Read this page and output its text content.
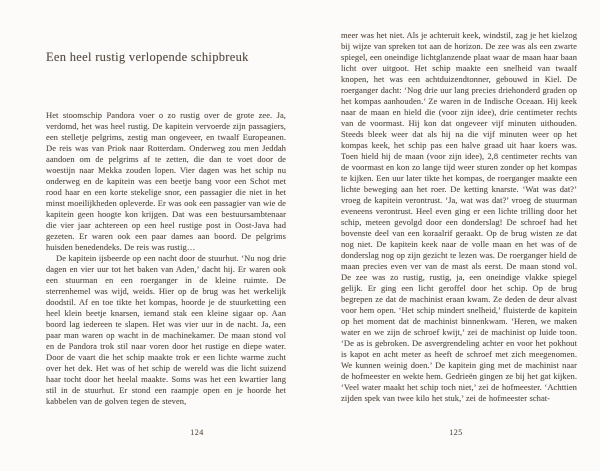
Een heel rustig verlopende schipbreuk

Het stoomschip Pandora voer o zo rustig over de grote zee. Ja, verdomd, het was heel rustig. De kapitein vervoerde zijn passagiers, een stelletje pelgrims, zestig man ongeveer, en twaalf Europeanen. De reis was van Priok naar Rotterdam. Onderweg zou men Jeddah aandoen om de pelgrims af te zetten, die dan te voet door de woestijn naar Mekka zouden lopen. Vier dagen was het schip nu onderweg en de kapitein was een beetje bang voor een Schot met rood haar en een korte stekelige snor, een passagier die niet in het minst moeilijkheden opleverde. Er was ook een passagier van wie de kapitein geen hoogte kon krijgen. Dat was een bestuursambtenaar die vier jaar achtereen op een heel rustige post in Oost-Java had gezeten. Er waren ook een paar dames aan boord. De pelgrims huisden benedendeks. De reis was rustig…

De kapitein ijsbeerde op een nacht door de stuurhut. ‘Nu nog drie dagen en vier uur tot het baken van Aden,’ dacht hij. Er waren ook een stuurman en een roerganger in de kleine ruimte. De sterrenhemel was wijd, weids. Hier op de brug was het werkelijk doodstil. Af en toe tikte het kompas, hoorde je de stuurketting een heel klein beetje knarsen, iemand stak een kleine sigaar op. Aan boord lag iedereen te slapen. Het was vier uur in de nacht. Ja, een paar man waren op wacht in de machinekamer. De maan stond vol en de Pandora trok stil naar voren door het rustige en diepe water. Door de vaart die het schip maakte trok er een lichte warme zucht over het dek. Het was of het schip de wereld was die licht suizend haar tocht door het heelal maakte. Soms was het een kwartier lang stil in de stuurhut. Er stond een raampje open en je hoorde het kabbelen van de golven tegen de steven,

124

meer was het niet. Als je achteruit keek, windstil, zag je het kielzog bij wijze van spreken tot aan de horizon. De zee was als een zwarte spiegel, een oneindige lichtglanzende plaat waar de maan haar baan licht over uitgoot. Het schip maakte een snelheid van twaalf knopen, het was een achtduizendtonner, gebouwd in Kiel. De roerganger dacht: ‘Nog drie uur lang precies driehonderd graden op het kompas aanhouden.’ Ze waren in de Indische Oceaan. Hij keek naar de maan en hield die (voor zijn idee), drie centimeter rechts van de voormast. Hij kon dat ongeveer vijf minuten uithouden. Steeds bleek weer dat als hij na die vijf minuten weer op het kompas keek, het schip pas een halve graad uit haar koers was. Toen hield hij de maan (voor zijn idee), 2,8 centimeter rechts van de voormast en kon zo lange tijd weer sturen zonder op het kompas te kijken. Een uur later tikte het kompas, de roerganger maakte een lichte beweging aan het roer. De ketting knarste. ‘Wat was dat?’ vroeg de kapitein verontrust. ‘Ja, wat was dat?’ vroeg de stuurman eveneens verontrust. Heel even ging er een lichte trilling door het schip, meteen gevolgd door een donderslag! De schroef had het bovenste deel van een koraalrif geraakt. Op de brug wisten ze dat nog niet. De kapitein keek naar de volle maan en het was of de donderslag nog op zijn gezicht te lezen was. De roerganger hield de maan precies even ver van de mast als eerst. De maan stond vol. De zee was zo rustig, rustig, ja, een oneindige vlakke spiegel gelijk. Er ging een licht geroffel door het schip. Op de brug begrepen ze dat de machinist eraan kwam. Ze deden de deur alvast voor hem open. ‘Het schip mindert snelheid,’ fluisterde de kapitein op het moment dat de machinist binnenkwam. ‘Heren, we maken water en we zijn de schroef kwijt,’ zei de machinist op luide toon. ‘De as is gebroken. De asvergrendeling achter en voor het pokhout is kapot en acht meter as heeft de schroef met zich meegenomen. We kunnen weinig doen.’ De kapitein ging met de machinist naar de hofmeester en wekte hem. Gedrieën gingen ze bij het gat kijken. ‘Veel water maakt het schip toch niet,’ zei de hofmeester. ‘Achttien zijden spek van twee kilo het stuk,’ zei de hofmeester schat-

125
